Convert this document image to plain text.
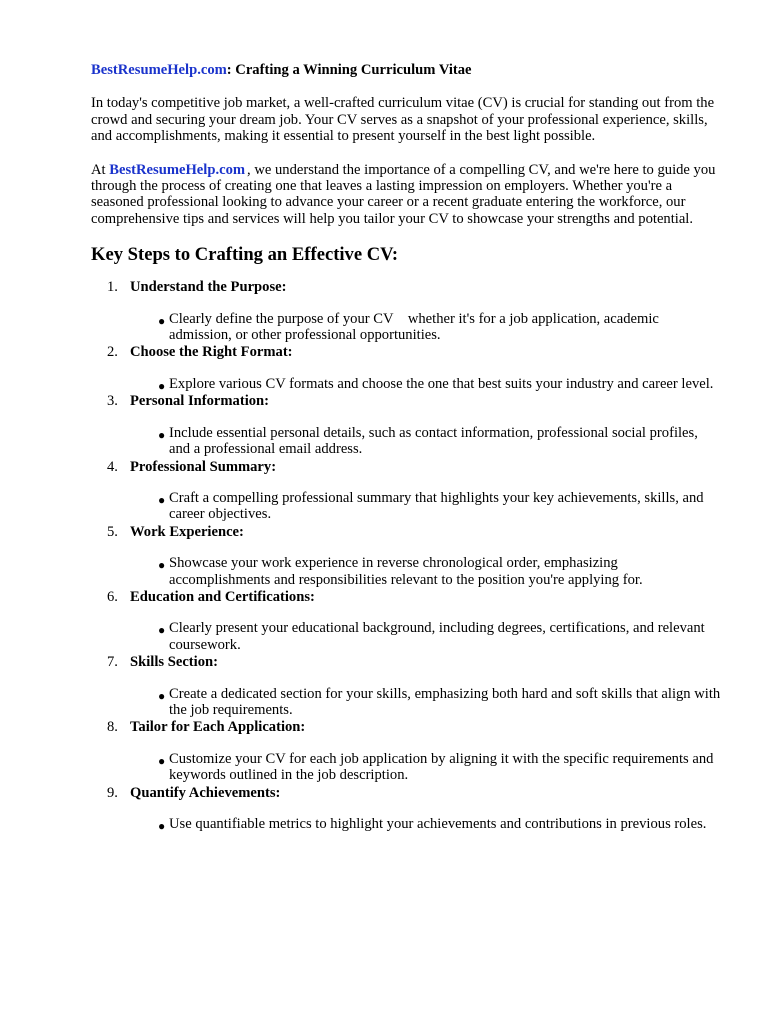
BestResumeHelp.com: Crafting a Winning Curriculum Vitae

In today's competitive job market, a well-crafted curriculum vitae (CV) is crucial for standing out from the crowd and securing your dream job. Your CV serves as a snapshot of your professional experience, skills, and accomplishments, making it essential to present yourself in the best light possible.

At BestResumeHelp.com , we understand the importance of a compelling CV, and we're here to guide you through the process of creating one that leaves a lasting impression on employers. Whether you're a seasoned professional looking to advance your career or a recent graduate entering the workforce, our comprehensive tips and services will help you tailor your CV to showcase your strengths and potential.

Key Steps to Crafting an Effective CV:
1. Understand the Purpose:
● Clearly define the purpose of your CV    whether it's for a job application, academic admission, or other professional opportunities.
2. Choose the Right Format:
● Explore various CV formats and choose the one that best suits your industry and career level.
3. Personal Information:
● Include essential personal details, such as contact information, professional social profiles, and a professional email address.
4. Professional Summary:
● Craft a compelling professional summary that highlights your key achievements, skills, and career objectives.
5. Work Experience:
● Showcase your work experience in reverse chronological order, emphasizing accomplishments and responsibilities relevant to the position you're applying for.
6. Education and Certifications:
● Clearly present your educational background, including degrees, certifications, and relevant coursework.
7. Skills Section:
● Create a dedicated section for your skills, emphasizing both hard and soft skills that align with the job requirements.
8. Tailor for Each Application:
● Customize your CV for each job application by aligning it with the specific requirements and keywords outlined in the job description.
9. Quantify Achievements:
● Use quantifiable metrics to highlight your achievements and contributions in previous roles.
